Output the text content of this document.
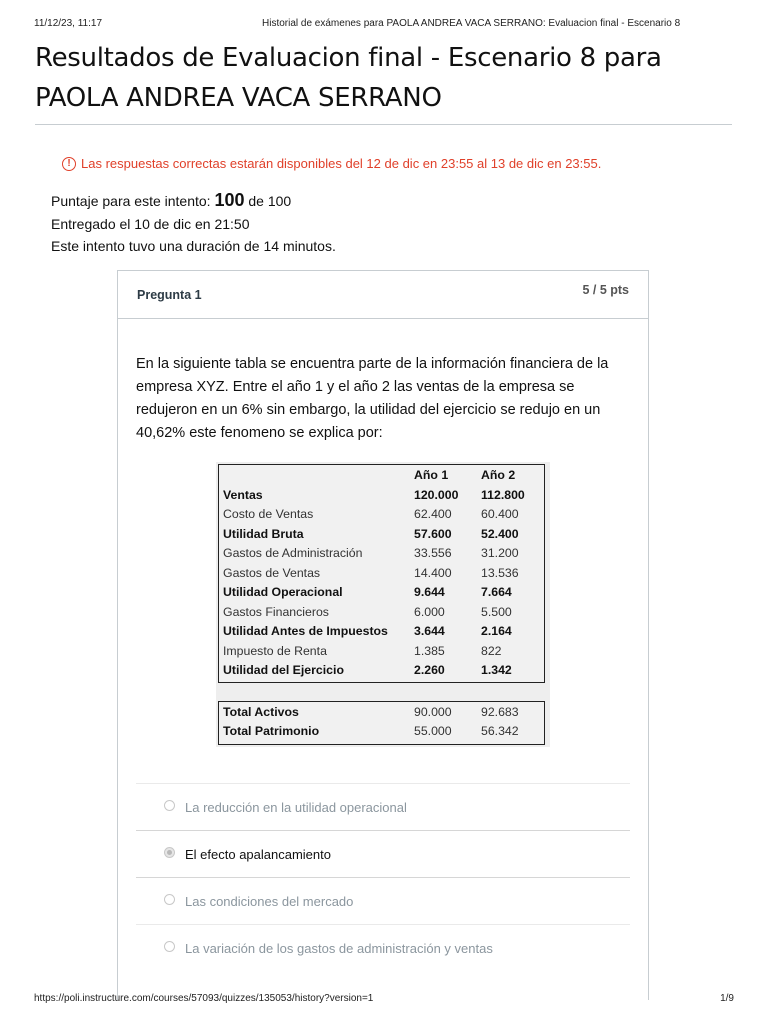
11/12/23, 11:17	Historial de exámenes para PAOLA ANDREA VACA SERRANO: Evaluacion final - Escenario 8
Resultados de Evaluacion final - Escenario 8 para PAOLA ANDREA VACA SERRANO
! Las respuestas correctas estarán disponibles del 12 de dic en 23:55 al 13 de dic en 23:55.
Puntaje para este intento: 100 de 100
Entregado el 10 de dic en 21:50
Este intento tuvo una duración de 14 minutos.
Pregunta 1	5 / 5 pts
En la siguiente tabla se encuentra parte de la información financiera de la empresa XYZ. Entre el año 1 y el año 2 las ventas de la empresa se redujeron en un 6% sin embargo, la utilidad del ejercicio se redujo en un 40,62% este fenomeno se explica por:
Año 1	Año 2
Ventas	120.000 112.800
Costo de Ventas	62.400 60.400
Utilidad Bruta	57.600 52.400
Gastos de Administración	33.556 31.200
Gastos de Ventas	14.400 13.536
Utilidad Operacional	9.644	7.664
Gastos Financieros	6.000	5.500
Utilidad Antes de Impuestos 3.644	2.164
Impuesto de Renta	1.385	822
Utilidad del Ejercicio	2.260	1.342
Total Activos	90.000 92.683
Total Patrimonio	55.000 56.342
La reducción en la utilidad operacional
El efecto apalancamiento
Las condiciones del mercado
La variación de los gastos de administración y ventas
https://poli.instructure.com/courses/57093/quizzes/135053/history?version=1	1/9
